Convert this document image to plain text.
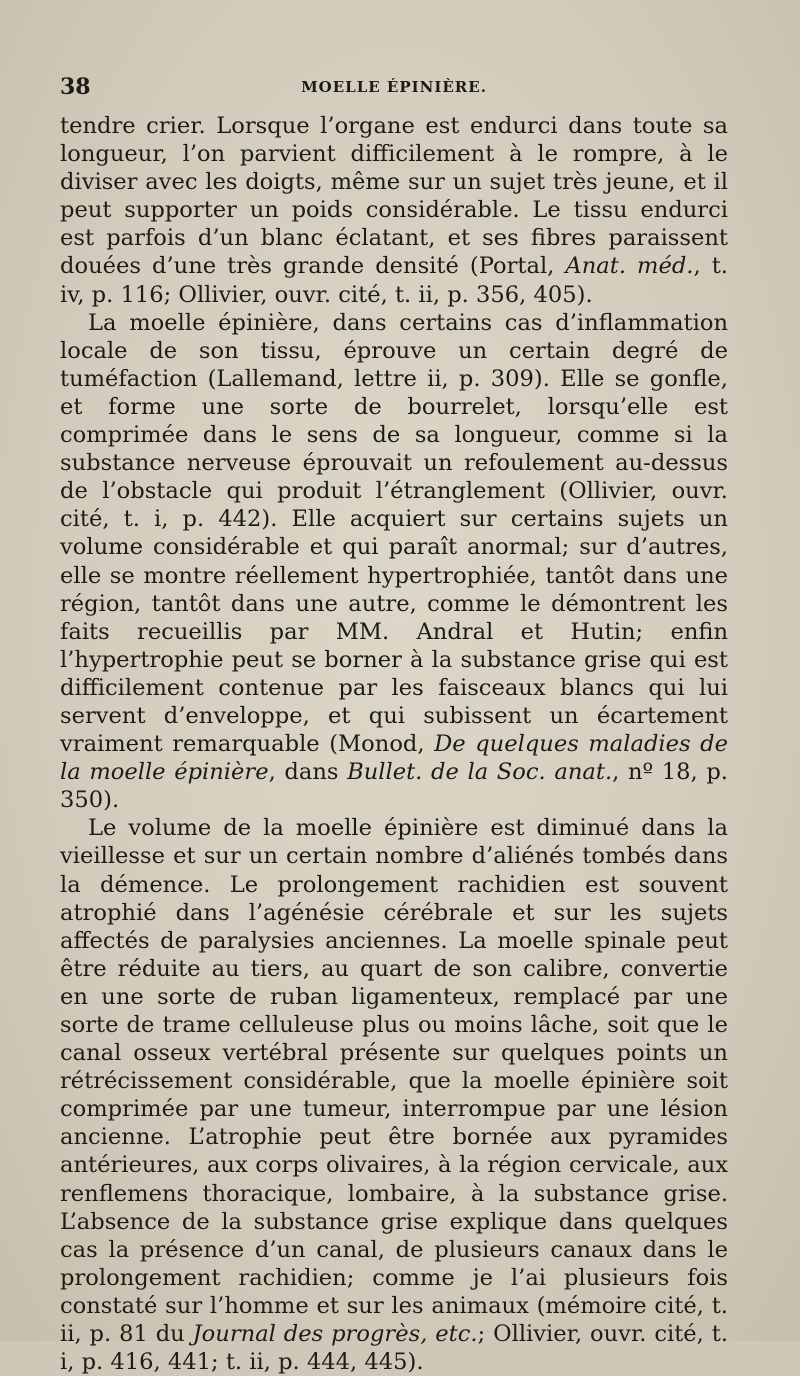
38	MOELLE ÉPINIÈRE.

tendre crier. Lorsque l’organe est endurci dans toute sa longueur, l’on parvient difficilement à le rompre, à le diviser avec les doigts, même sur un sujet très jeune, et il peut supporter un poids considérable. Le tissu endurci est parfois d’un blanc éclatant, et ses fibres paraissent douées d’une très grande densité (Portal, Anat. méd., t. iv, p. 116; Ollivier, ouvr. cité, t. ii, p. 356, 405).

La moelle épinière, dans certains cas d’inflammation locale de son tissu, éprouve un certain degré de tuméfaction (Lallemand, lettre ii, p. 309). Elle se gonfle, et forme une sorte de bourrelet, lorsqu’elle est comprimée dans le sens de sa longueur, comme si la substance nerveuse éprouvait un refoulement au-dessus de l’obstacle qui produit l’étranglement (Ollivier, ouvr. cité, t. i, p. 442). Elle acquiert sur certains sujets un volume considérable et qui paraît anormal; sur d’autres, elle se montre réellement hypertrophiée, tantôt dans une région, tantôt dans une autre, comme le démontrent les faits recueillis par MM. Andral et Hutin; enfin l’hypertrophie peut se borner à la substance grise qui est difficilement contenue par les faisceaux blancs qui lui servent d’enveloppe, et qui subissent un écartement vraiment remarquable (Monod, De quelques maladies de la moelle épinière, dans Bullet. de la Soc. anat., nº 18, p. 350).

Le volume de la moelle épinière est diminué dans la vieillesse et sur un certain nombre d’aliénés tombés dans la démence. Le prolongement rachidien est souvent atrophié dans l’agénésie cérébrale et sur les sujets affectés de paralysies anciennes. La moelle spinale peut être réduite au tiers, au quart de son calibre, convertie en une sorte de ruban ligamenteux, remplacé par une sorte de trame celluleuse plus ou moins lâche, soit que le canal osseux vertébral présente sur quelques points un rétrécissement considérable, que la moelle épinière soit comprimée par une tumeur, interrompue par une lésion ancienne. L’atrophie peut être bornée aux pyramides antérieures, aux corps olivaires, à la région cervicale, aux renflemens thoracique, lombaire, à la substance grise. L’absence de la substance grise explique dans quelques cas la présence d’un canal, de plusieurs canaux dans le prolongement rachidien; comme je l’ai plusieurs fois constaté sur l’homme et sur les animaux (mémoire cité, t. ii, p. 81 du Journal des progrès, etc.; Ollivier, ouvr. cité, t. i, p. 416, 441; t. ii, p. 444, 445).
